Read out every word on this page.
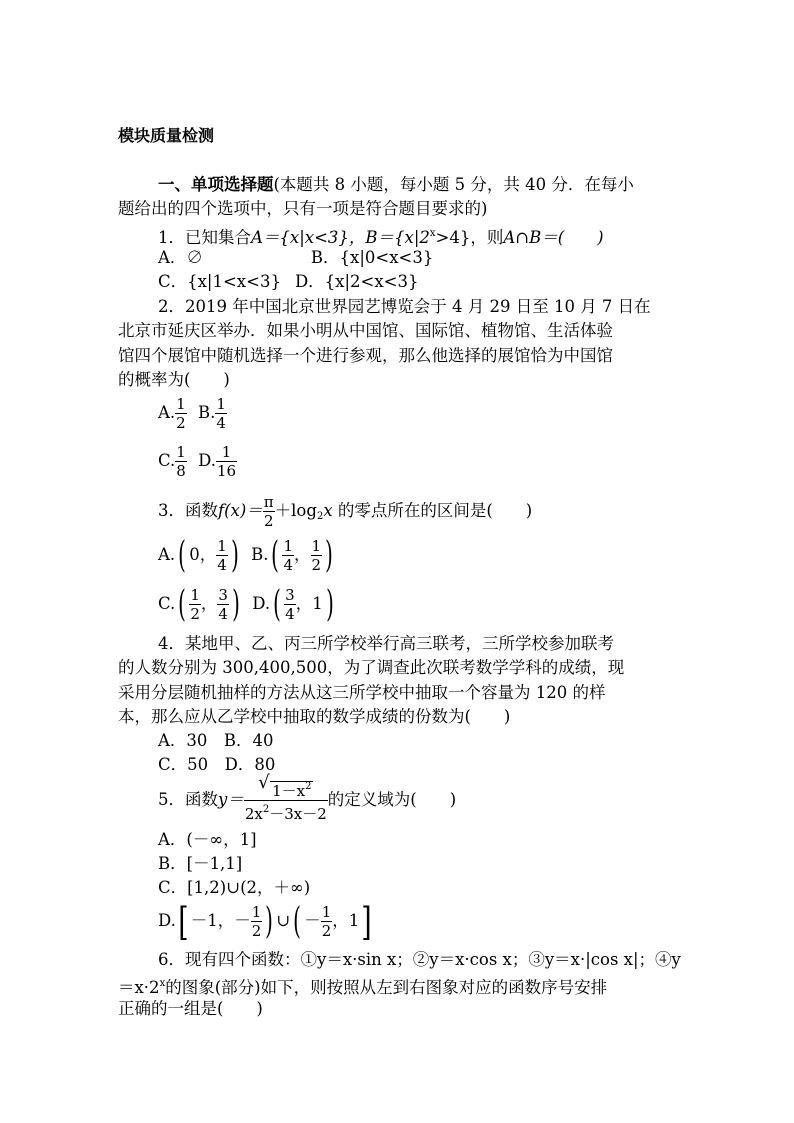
模块质量检测
一、单项选择题(本题共 8 小题，每小题 5 分，共 40 分．在每小
题给出的四个选项中，只有一项是符合题目要求的)
1．已知集合A＝{x|x<3}，$B=\{x|2^x>4\}$，则A∩B＝(　　)
A．∅	B．{x|0<x<3}
C．{x|1<x<3} D．{x|2<x<3}
2．2019 年中国北京世界园艺博览会于 4 月 29 日至 10 月 7 日在
北京市延庆区举办．如果小明从中国馆、国际馆、植物馆、生活体验
馆四个展馆中随机选择一个进行参观，那么他选择的展馆恰为中国馆
的概率为(　　)
A. $\frac{1}{2} B$. $\frac{1}{4}$
C. $\frac{1}{8} D$. $\frac{1}{16}$
3．函数$f(x)= \frac{\pi}{2} +\log_2x$ 的零点所在的区间是(　　)
A.( 0， $\frac{1}{4}$ ) $B.( \frac{1}{4}$ ， $\frac{1}{2}$ )
$C.( \frac{1}{2}$ ， $\frac{3}{4}$ ) $D.( \frac{3}{4}$ ，1)
4．某地甲、乙、丙三所学校举行高三联考，三所学校参加联考
的人数分别为 300,400,500，为了调查此次联考数学学科的成绩，现
采用分层随机抽样的方法从这三所学校中抽取一个容量为 120 的样
本，那么应从乙学校中抽取的数学成绩的份数为(　　)
A．30　B．40
C．50　D．80
5．函数$y= \frac{√ 1-x^2}{2x^2-3x-2}$ 的定义域为(　　)
A．(－∞，1]
B．[－1,1]
C．[1,2)∪(2，＋∞)
D.[ －1，－ $\frac{1}{2}$ ) ∪( － $\frac{1}{2}$ ，1]
6．现有四个函数：①y＝x·sin x；②y＝x·cos x；③y＝x·|cos x|；④y
$=x\cdot 2^x$的图象(部分)如下，则按照从左到右图象对应的函数序号安排
正确的一组是(　　)
